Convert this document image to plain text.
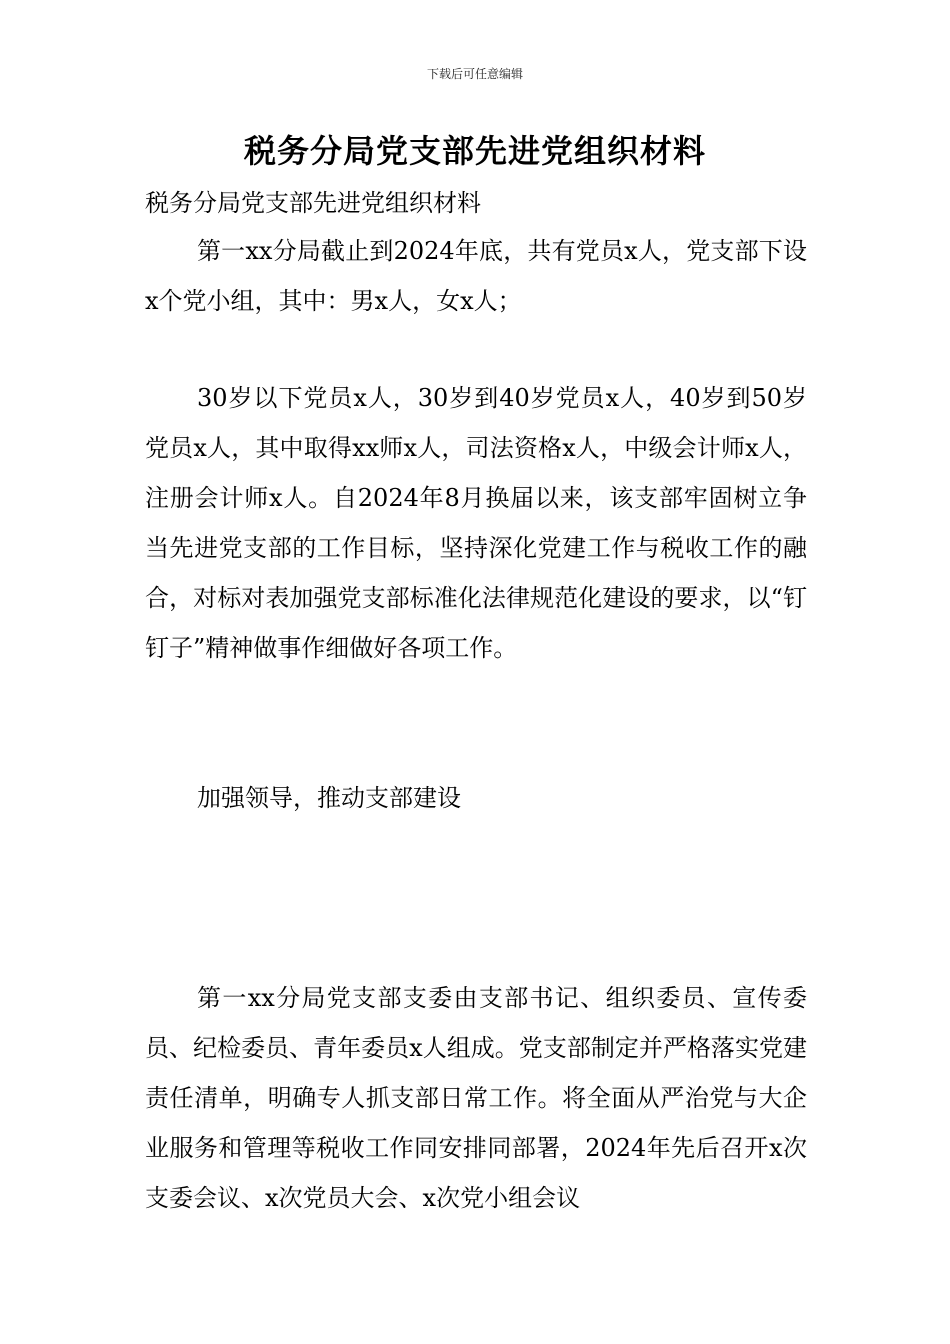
下载后可任意编辑
税务分局党支部先进党组织材料

税务分局党支部先进党组织材料

第一xx分局截止到2024年底，共有党员x人，党支部下设x个党小组，其中：男x人，女x人；

30岁以下党员x人，30岁到40岁党员x人，40岁到50岁党员x人，其中取得xx师x人，司法资格x人，中级会计师x人，注册会计师x人。自2024年8月换届以来，该支部牢固树立争当先进党支部的工作目标，坚持深化党建工作与税收工作的融合，对标对表加强党支部标准化法律规范化建设的要求，以“钉钉子”精神做事作细做好各项工作。

加强领导，推动支部建设

第一xx分局党支部支委由支部书记、组织委员、宣传委员、纪检委员、青年委员x人组成。党支部制定并严格落实党建责任清单，明确专人抓支部日常工作。将全面从严治党与大企业服务和管理等税收工作同安排同部署，2024年先后召开x次支委会议、x次党员大会、x次党小组会议
